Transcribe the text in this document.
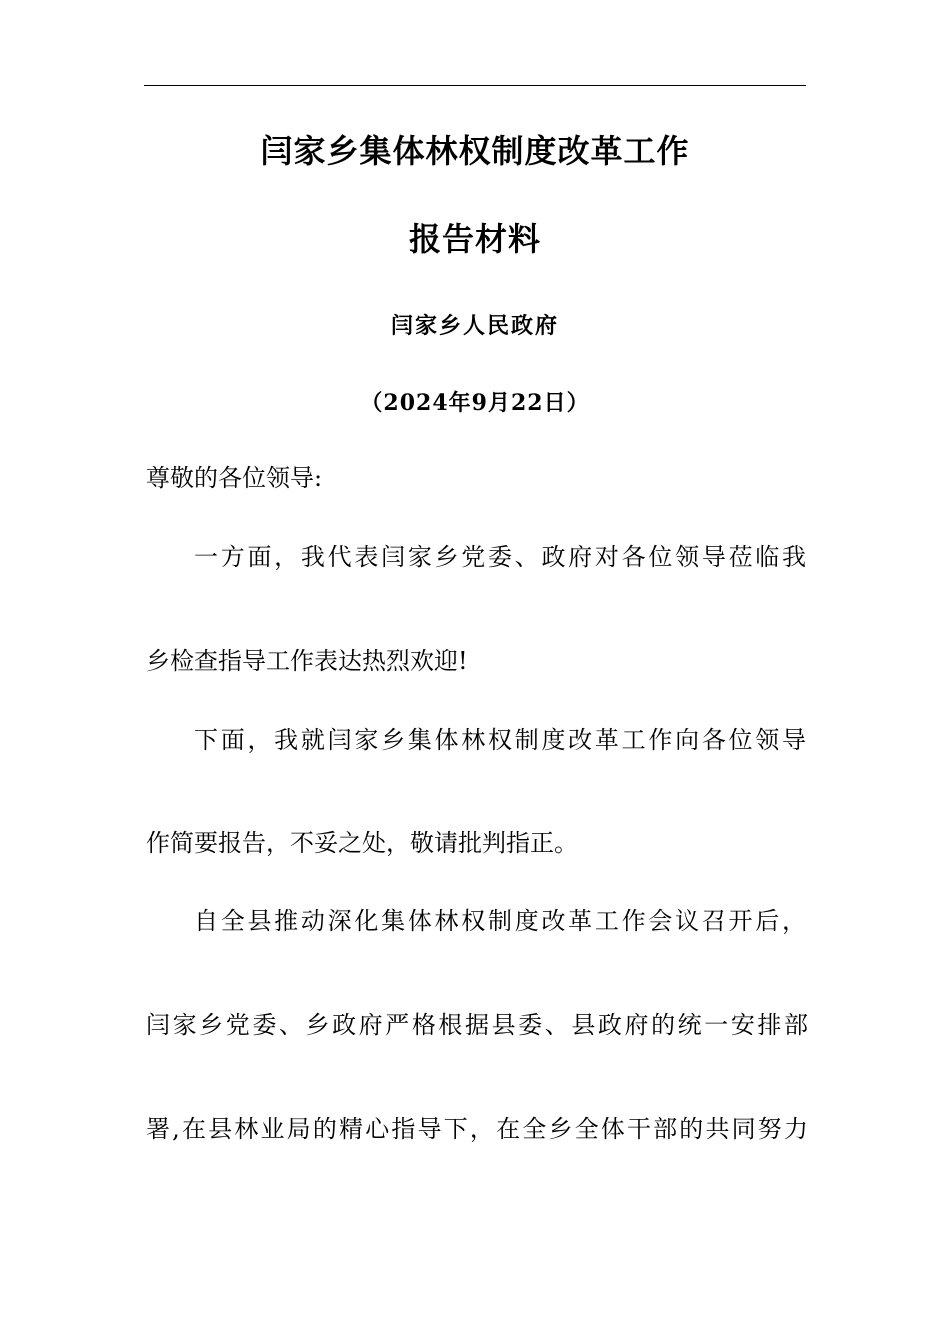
闫家乡集体林权制度改革工作
报告材料
闫家乡人民政府
（2024年9月22日）
尊敬的各位领导:
一方面，我代表闫家乡党委、政府对各位领导莅临我
乡检查指导工作表达热烈欢迎!
下面，我就闫家乡集体林权制度改革工作向各位领导
作简要报告，不妥之处，敬请批判指正。
自全县推动深化集体林权制度改革工作会议召开后，
闫家乡党委、乡政府严格根据县委、县政府的统一安排部
署,在县林业局的精心指导下，在全乡全体干部的共同努力
